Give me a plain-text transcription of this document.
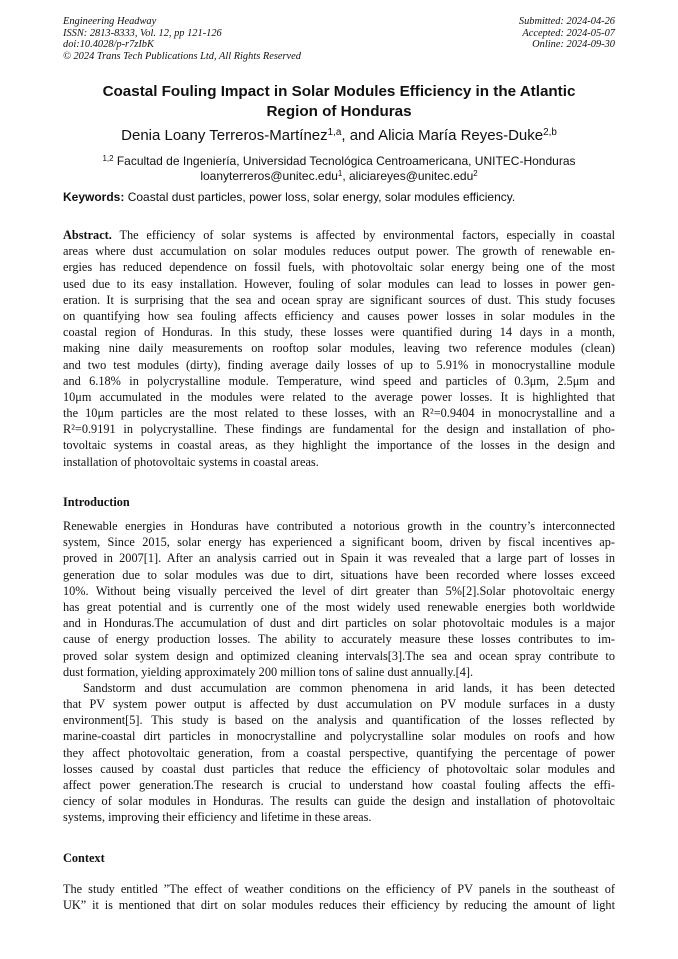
Engineering Headway
ISSN: 2813-8333, Vol. 12, pp 121-126
doi:10.4028/p-r7zIbK
© 2024 Trans Tech Publications Ltd, All Rights Reserved
Submitted: 2024-04-26
Accepted: 2024-05-07
Online: 2024-09-30
Coastal Fouling Impact in Solar Modules Efficiency in the Atlantic
Region of Honduras
Denia Loany Terreros-Martínez$^{1,a}$, and Alicia María Reyes-Duke$^{2,b}$
$^{1,2}$ Facultad de Ingeniería, Universidad Tecnológica Centroamericana, UNITEC-Honduras
loanyterreros@unitec.edu$^1$, aliciareyes@unitec.edu$^2$
Keywords: Coastal dust particles, power loss, solar energy, solar modules efficiency.
Abstract. The efficiency of solar systems is affected by environmental factors, especially in coastal
areas where dust accumulation on solar modules reduces output power. The growth of renewable en-
ergies has reduced dependence on fossil fuels, with photovoltaic solar energy being one of the most
used due to its easy installation. However, fouling of solar modules can lead to losses in power gen-
eration. It is surprising that the sea and ocean spray are significant sources of dust. This study focuses
on quantifying how sea fouling affects efficiency and causes power losses in solar modules in the
coastal region of Honduras. In this study, these losses were quantified during 14 days in a month,
making nine daily measurements on rooftop solar modules, leaving two reference modules (clean)
and two test modules (dirty), finding average daily losses of up to 5.91% in monocrystalline module
and 6.18% in polycrystalline module. Temperature, wind speed and particles of 0.3μm, 2.5μm and
10μm accumulated in the modules were related to the average power losses. It is highlighted that
the 10μm particles are the most related to these losses, with an R²=0.9404 in monocrystalline and a
R²=0.9191 in polycrystalline. These findings are fundamental for the design and installation of pho-
tovoltaic systems in coastal areas, as they highlight the importance of the losses in the design and
installation of photovoltaic systems in coastal areas.
Introduction
Renewable energies in Honduras have contributed a notorious growth in the country’s interconnected
system, Since 2015, solar energy has experienced a significant boom, driven by fiscal incentives ap-
proved in 2007[1]. After an analysis carried out in Spain it was revealed that a large part of losses in
generation due to solar modules was due to dirt, situations have been recorded where losses exceed
10%. Without being visually perceived the level of dirt greater than 5%[2].Solar photovoltaic energy
has great potential and is currently one of the most widely used renewable energies both worldwide
and in Honduras.The accumulation of dust and dirt particles on solar photovoltaic modules is a major
cause of energy production losses. The ability to accurately measure these losses contributes to im-
proved solar system design and optimized cleaning intervals[3].The sea and ocean spray contribute to
dust formation, yielding approximately 200 million tons of saline dust annually.[4].
Sandstorm and dust accumulation are common phenomena in arid lands, it has been detected
that PV system power output is affected by dust accumulation on PV module surfaces in a dusty
environment[5]. This study is based on the analysis and quantification of the losses reflected by
marine-coastal dirt particles in monocrystalline and polycrystalline solar modules on roofs and how
they affect photovoltaic generation, from a coastal perspective, quantifying the percentage of power
losses caused by coastal dust particles that reduce the efficiency of photovoltaic solar modules and
affect power generation.The research is crucial to understand how coastal fouling affects the effi-
ciency of solar modules in Honduras. The results can guide the design and installation of photovoltaic
systems, improving their efficiency and lifetime in these areas.
Context
The study entitled ”The effect of weather conditions on the efficiency of PV panels in the southeast of
UK” it is mentioned that dirt on solar modules reduces their efficiency by reducing the amount of light
